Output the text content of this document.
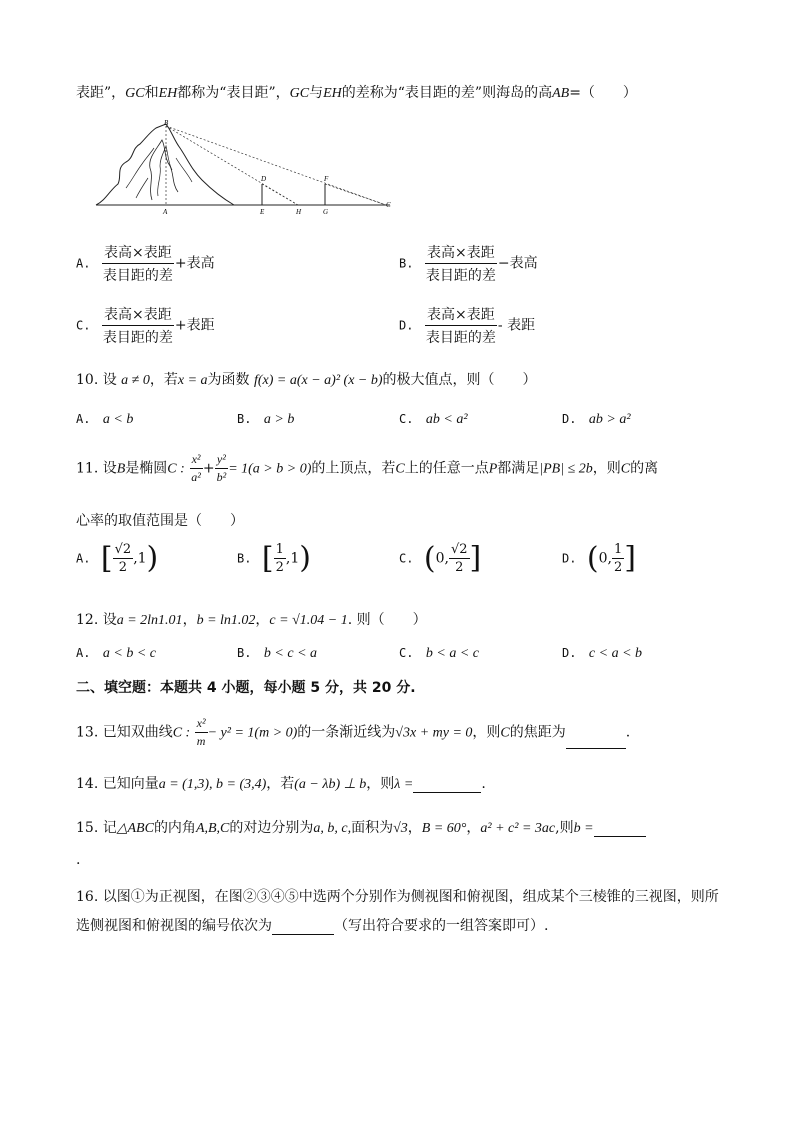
表距”，GC和EH都称为“表目距”，GC与EH的差称为“表目距的差”则海岛的高AB=（　　）
B
D	F
A	E	H	G
C
A. $\frac{\text{表高×表距}}{\text{表目距的差}}$ +表高	B. $\frac{\text{表高×表距}}{\text{表目距的差}}$ −表高
C. $\frac{\text{表高×表距}}{\text{表目距的差}}$ +表距	D. $\frac{\text{表高×表距}}{\text{表目距的差}}$ - 表距
10. 设 a ≠ 0，若x = a为函数 f(x) = a(x − a)² (x − b)的极大值点，则（　　）
A. a < b	B. a > b	C. ab < a²	D. ab > a²
11. 设B是椭圆C : $\frac{\text{x²}}{\text{a²}} + \frac{\text{y²}}{\text{b²}} = 1(a > b > 0)$的上顶点，若C上的任意一点P都满足|PB| ≤ 2b，则C的离
心率的取值范围是（　　）
A. [ $\frac{√2}{2} ,1$)	B. [ $\frac{1}{2} ,1$)	C. (0, $\frac{√2}{2}$ ]	D. (0, $\frac{1}{2}$ ]
12. 设a = 2ln1.01，b = ln1.02，c = √1.04 − 1. 则（　　）
A. a < b < c	B. b < c < a	C. b < a < c	D. c < a < b
二、填空题：本题共 4 小题，每小题 5 分，共 20 分.
13. 已知双曲线C : $\frac{\text{x²}}{m} - y^2 = 1(m > 0)$的一条渐近线为√3x + my = 0，则C的焦距为	.
14. 已知向量a = (1,3), b = (3,4)，若(a − λb) ⊥ b，则λ =	.
15. 记△ABC的内角A,B,C的对边分别为a, b, c,面积为√3，B = 60°，a² + c² = 3ac,则b =
.
16. 以图①为正视图，在图②③④⑤中选两个分别作为侧视图和俯视图，组成某个三棱锥的三视图，则所
选侧视图和俯视图的编号依次为	（写出符合要求的一组答案即可）.
